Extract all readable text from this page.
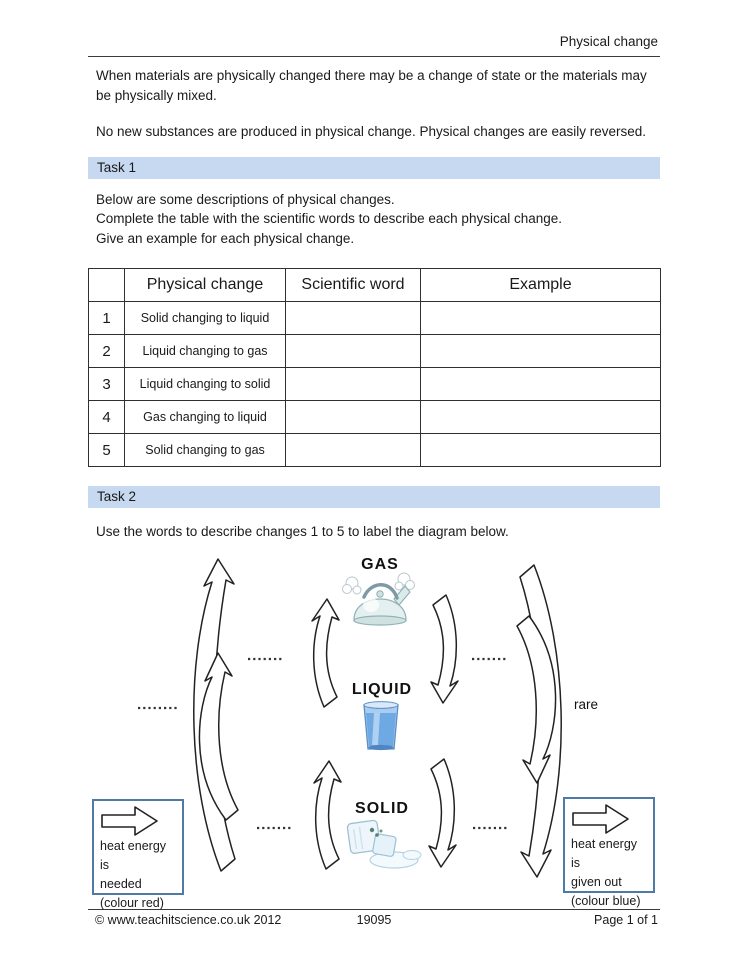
Physical change

When materials are physically changed there may be a change of state or the materials may be physically mixed.

No new substances are produced in physical change. Physical changes are easily reversed.

Task 1
Below are some descriptions of physical changes.
Complete the table with the scientific words to describe each physical change.
Give an example for each physical change.
	Physical change	Scientific word	Example
1	Solid changing to liquid		
2	Liquid changing to gas		
3	Liquid changing to solid		
4	Gas changing to liquid		
5	Solid changing to gas		
Task 2
Use the words to describe changes 1 to 5 to label the diagram below.
GAS
LIQUID
SOLID
rare
heat energy is
needed
(colour red)
heat energy is
given out
(colour blue)
© www.teachitscience.co.uk 2012	19095	Page 1 of 1
